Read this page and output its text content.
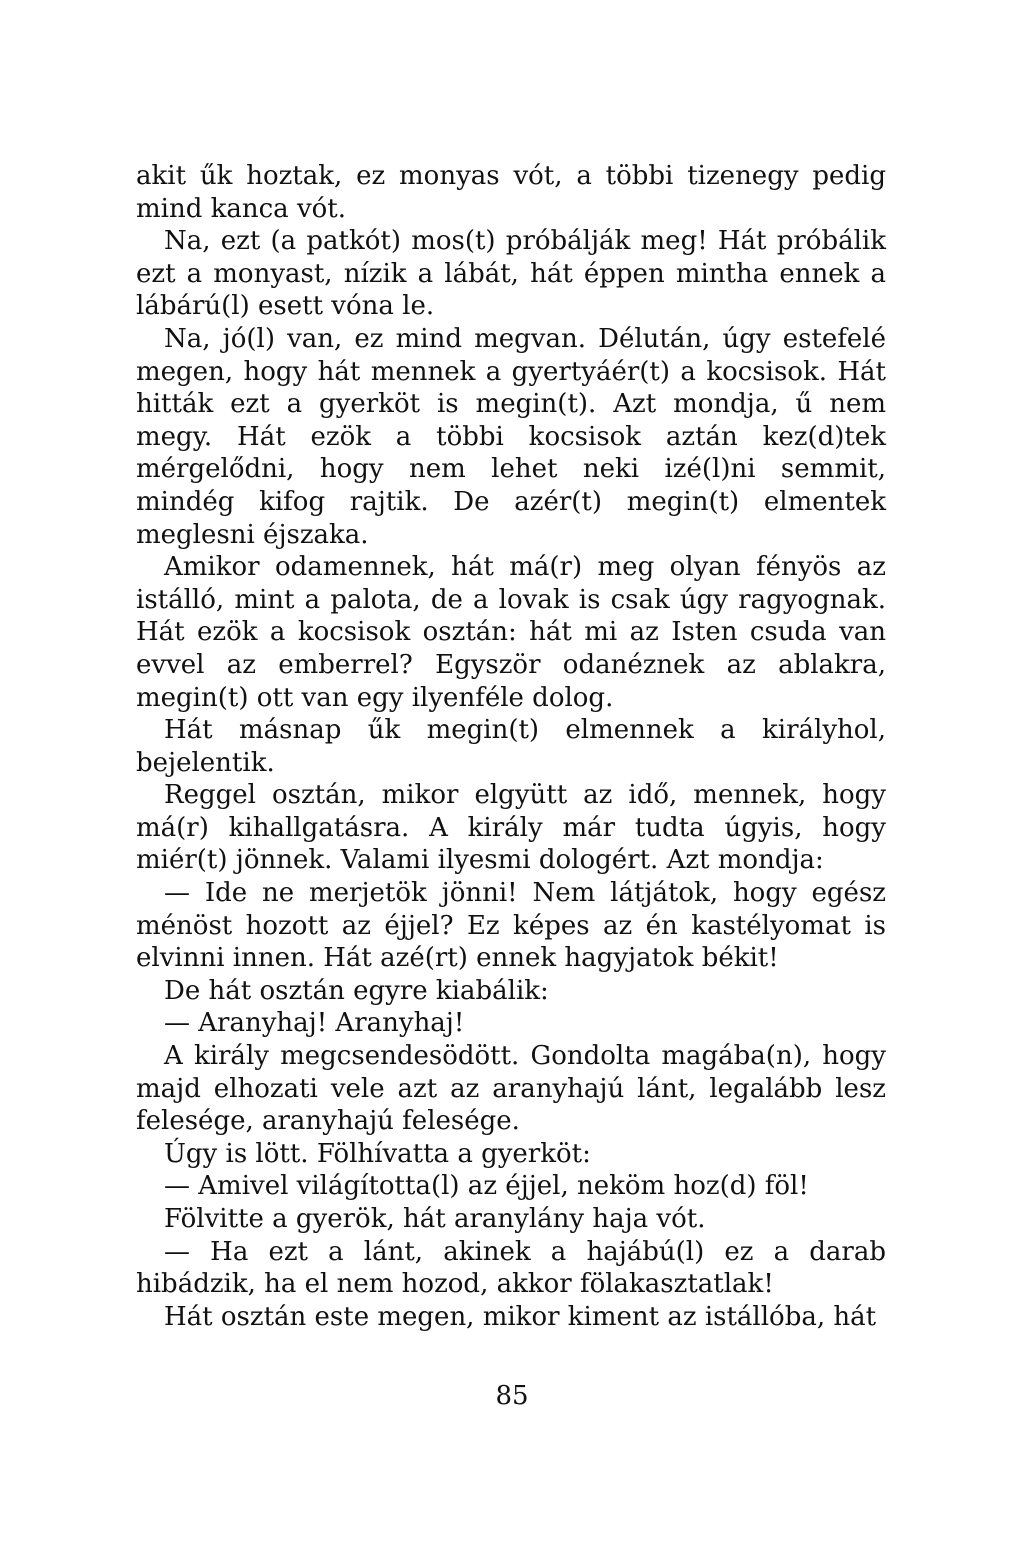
akit űk hoztak, ez monyas vót, a többi tizenegy pedig mind kanca vót.

Na, ezt (a patkót) mos(t) próbálják meg! Hát próbálik ezt a monyast, nízik a lábát, hát éppen mintha ennek a lábárú(l) esett vóna le.

Na, jó(l) van, ez mind megvan. Délután, úgy estefelé megen, hogy hát mennek a gyertyáér(t) a kocsisok. Hát hitták ezt a gyerköt is megin(t). Azt mondja, ű nem megy. Hát ezök a többi kocsisok aztán kez(d)tek mérgelődni, hogy nem lehet neki izé(l)ni semmit, mindég kifog rajtik. De azér(t) megin(t) elmentek meglesni éjszaka.

Amikor odamennek, hát má(r) meg olyan fényös az istálló, mint a palota, de a lovak is csak úgy ragyognak. Hát ezök a kocsisok osztán: hát mi az Isten csuda van evvel az emberrel? Egyször odanéznek az ablakra, megin(t) ott van egy ilyenféle dolog.

Hát másnap űk megin(t) elmennek a királyhol, bejelentik.

Reggel osztán, mikor elgyütt az idő, mennek, hogy má(r) kihallgatásra. A király már tudta úgyis, hogy miér(t) jönnek. Valami ilyesmi dologért. Azt mondja:

— Ide ne merjetök jönni! Nem látjátok, hogy egész ménöst hozott az éjjel? Ez képes az én kastélyomat is elvinni innen. Hát azé(rt) ennek hagyjatok békit!

De hát osztán egyre kiabálik:

— Aranyhaj! Aranyhaj!

A király megcsendesödött. Gondolta magába(n), hogy majd elhozati vele azt az aranyhajú lánt, legalább lesz felesége, aranyhajú felesége.

Úgy is lött. Fölhívatta a gyerköt:

— Amivel világította(l) az éjjel, neköm hoz(d) föl!

Fölvitte a gyerök, hát aranylány haja vót.

— Ha ezt a lánt, akinek a hajábú(l) ez a darab hibádzik, ha el nem hozod, akkor fölakasztatlak!

Hát osztán este megen, mikor kiment az istállóba, hát

85
